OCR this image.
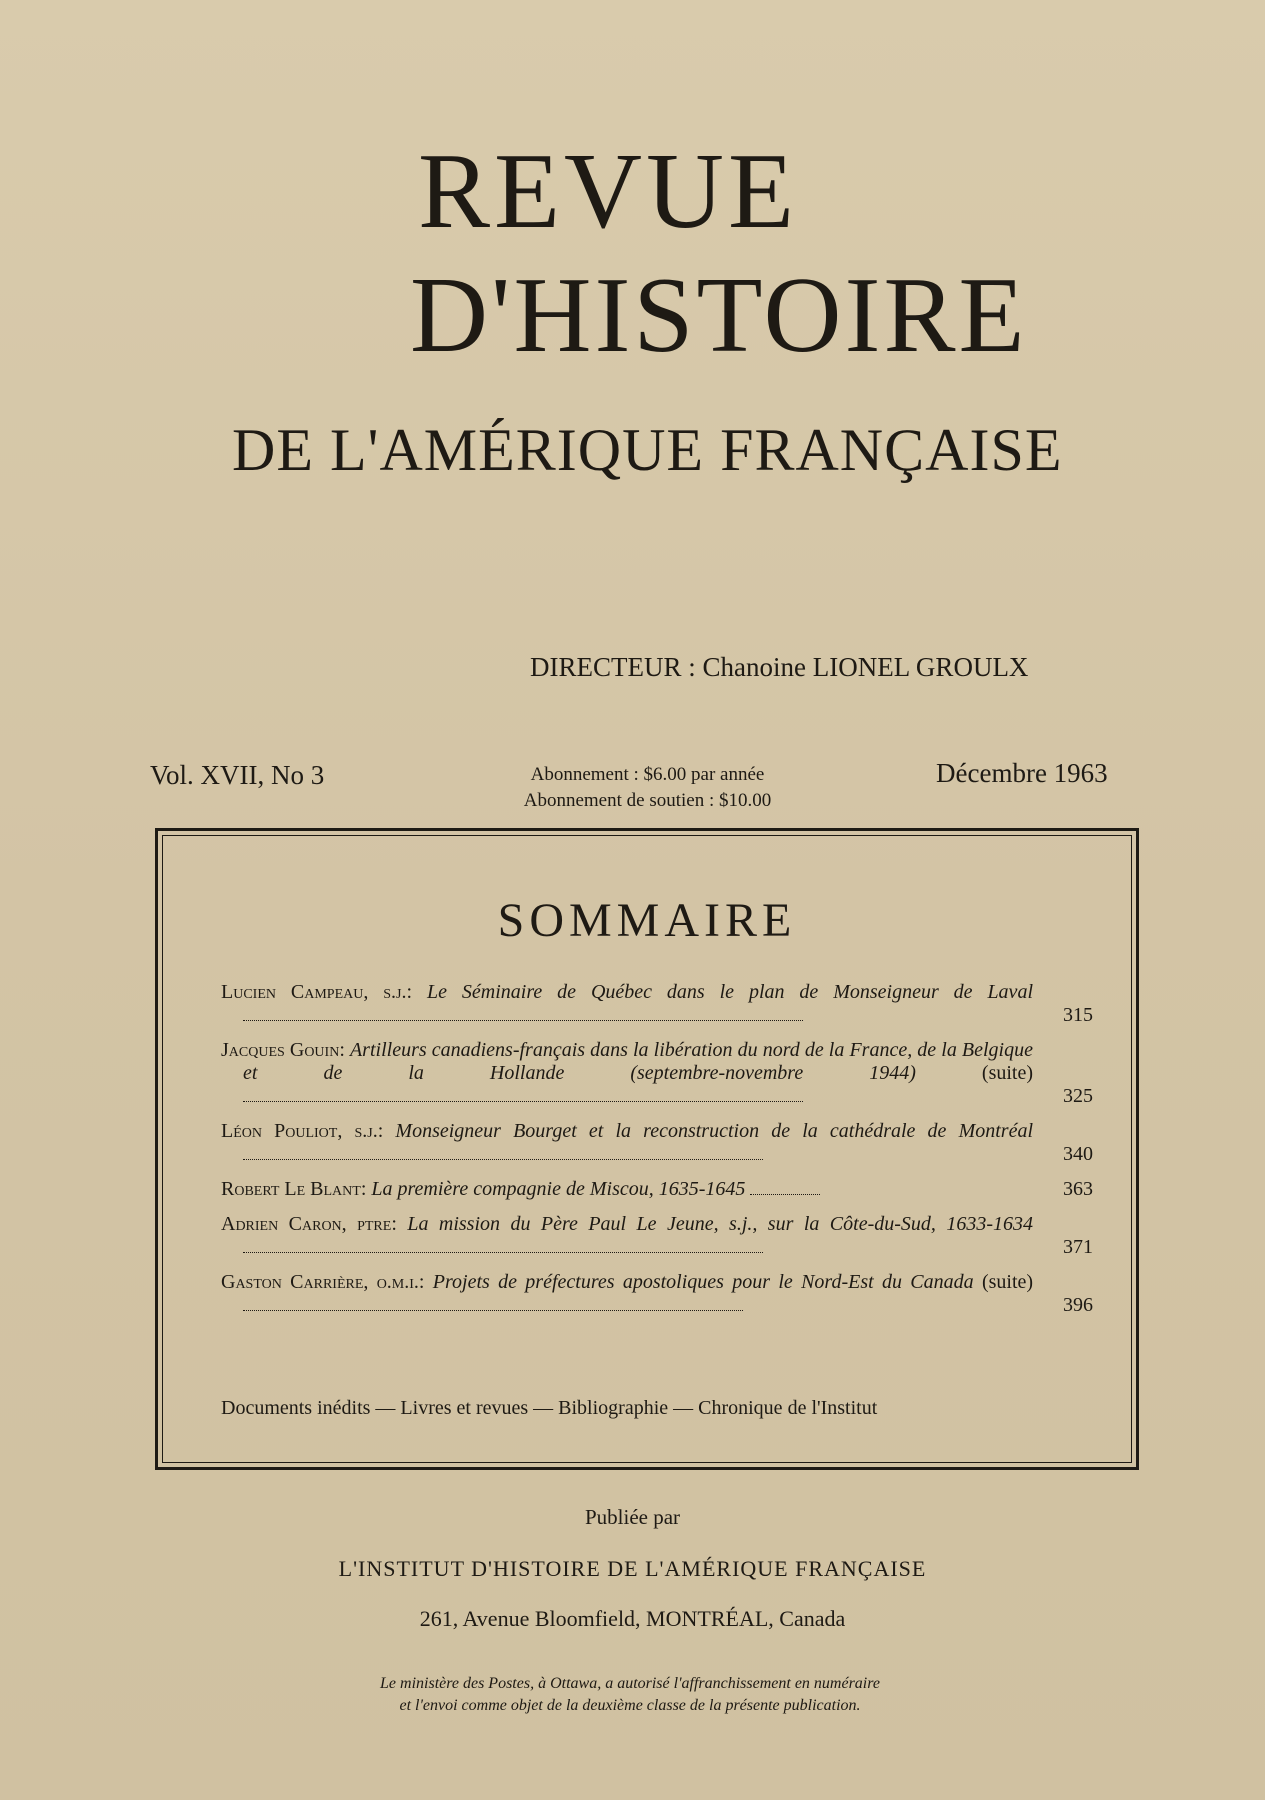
REVUE
D'HISTOIRE
DE L'AMÉRIQUE FRANÇAISE
DIRECTEUR : Chanoine LIONEL GROULX
Vol. XVII, No 3	Abonnement : $6.00 par année
Abonnement de soutien : $10.00
Décembre 1963
SOMMAIRE
Lucien Campeau, s.j.: Le Séminaire de Québec dans le plan de Monseigneur de Laval
315
Jacques Gouin: Artilleurs canadiens-français dans la libération du nord de la France, de la Belgique et de la Hollande (septembre-novembre 1944)	(suite)
325
Léon Pouliot, s.j.: Monseigneur Bourget et la reconstruction de la cathédrale de Montréal
340
Robert Le Blant: La première compagnie de Miscou, 1635-1645	363
Adrien Caron, ptre: La mission du Père Paul Le Jeune, s.j., sur la Côte-du-Sud, 1633-1634
371
Gaston Carrière, o.m.i.: Projets de préfectures apostoliques pour le Nord-Est du Canada (suite)
396
Documents inédits — Livres et revues — Bibliographie — Chronique de l'Institut
Publiée par
L'INSTITUT D'HISTOIRE DE L'AMÉRIQUE FRANÇAISE
261, Avenue Bloomfield, MONTRÉAL, Canada
Le ministère des Postes, à Ottawa, a autorisé l'affranchissement en numéraire
et l'envoi comme objet de la deuxième classe de la présente publication.
